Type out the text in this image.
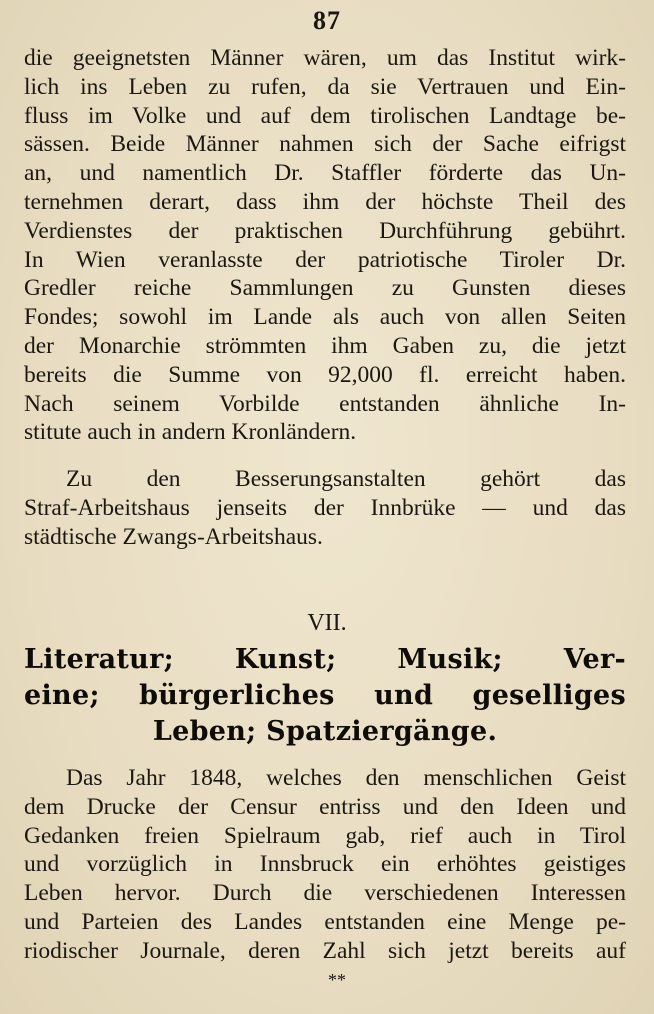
87
die geeignetsten Männer wären, um das Institut wirk-
lich ins Leben zu rufen, da sie Vertrauen und Ein-
fluss im Volke und auf dem tirolischen Landtage be-
sässen. Beide Männer nahmen sich der Sache eifrigst
an, und namentlich Dr. Staffler förderte das Un-
ternehmen derart, dass ihm der höchste Theil des
Verdienstes der praktischen Durchführung gebührt.
In Wien veranlasste der patriotische Tiroler Dr.
Gredler reiche Sammlungen zu Gunsten dieses
Fondes; sowohl im Lande als auch von allen Seiten
der Monarchie strömmten ihm Gaben zu, die jetzt
bereits die Summe von 92,000 fl. erreicht haben.
Nach seinem Vorbilde entstanden ähnliche In-
stitute auch in andern Kronländern.
Zu den Besserungsanstalten gehört das
Straf-Arbeitshaus jenseits der Innbrüke — und das
städtische Zwangs-Arbeitshaus.
VII.
Literatur; Kunst; Musik; Ver-
eine; bürgerliches und geselliges
Leben; Spatziergänge.
Das Jahr 1848, welches den menschlichen Geist
dem Drucke der Censur entriss und den Ideen und
Gedanken freien Spielraum gab, rief auch in Tirol
und vorzüglich in Innsbruck ein erhöhtes geistiges
Leben hervor. Durch die verschiedenen Interessen
und Parteien des Landes entstanden eine Menge pe-
riodischer Journale, deren Zahl sich jetzt bereits auf
**
